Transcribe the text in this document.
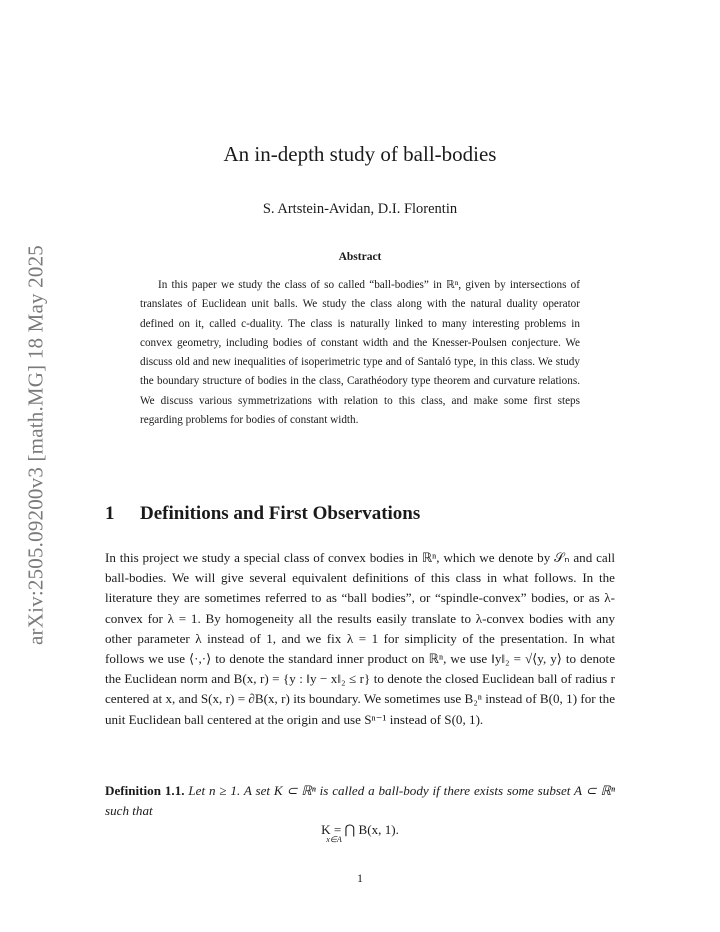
arXiv:2505.09200v3 [math.MG] 18 May 2025
An in-depth study of ball-bodies
S. Artstein-Avidan, D.I. Florentin
Abstract
In this paper we study the class of so called “ball-bodies” in ℝⁿ, given by intersections of translates of Euclidean unit balls. We study the class along with the natural duality operator defined on it, called c-duality. The class is naturally linked to many interesting problems in convex geometry, including bodies of constant width and the Knesser-Poulsen conjecture. We discuss old and new inequalities of isoperimetric type and of Santaló type, in this class. We study the boundary structure of bodies in the class, Carathéodory type theorem and curvature relations. We discuss various symmetrizations with relation to this class, and make some first steps regarding problems for bodies of constant width.
1 Definitions and First Observations
In this project we study a special class of convex bodies in ℝⁿ, which we denote by 𝒮ₙ and call ball-bodies. We will give several equivalent definitions of this class in what follows. In the literature they are sometimes referred to as “ball bodies”, or “spindle-convex” bodies, or as λ-convex for λ = 1. By homogeneity all the results easily translate to λ-convex bodies with any other parameter λ instead of 1, and we fix λ = 1 for simplicity of the presentation. In what follows we use ⟨·,·⟩ to denote the standard inner product on ℝⁿ, we use ‖y‖₂ = √⟨y, y⟩ to denote the Euclidean norm and B(x, r) = {y : ‖y − x‖₂ ≤ r} to denote the closed Euclidean ball of radius r centered at x, and S(x, r) = ∂B(x, r) its boundary. We sometimes use B₂ⁿ instead of B(0, 1) for the unit Euclidean ball centered at the origin and use Sⁿ⁻¹ instead of S(0, 1).
Definition 1.1. Let n ≥ 1. A set K ⊂ ℝⁿ is called a ball-body if there exists some subset A ⊂ ℝⁿ such that
K = ⋂ B(x, 1).
x∈A
1
